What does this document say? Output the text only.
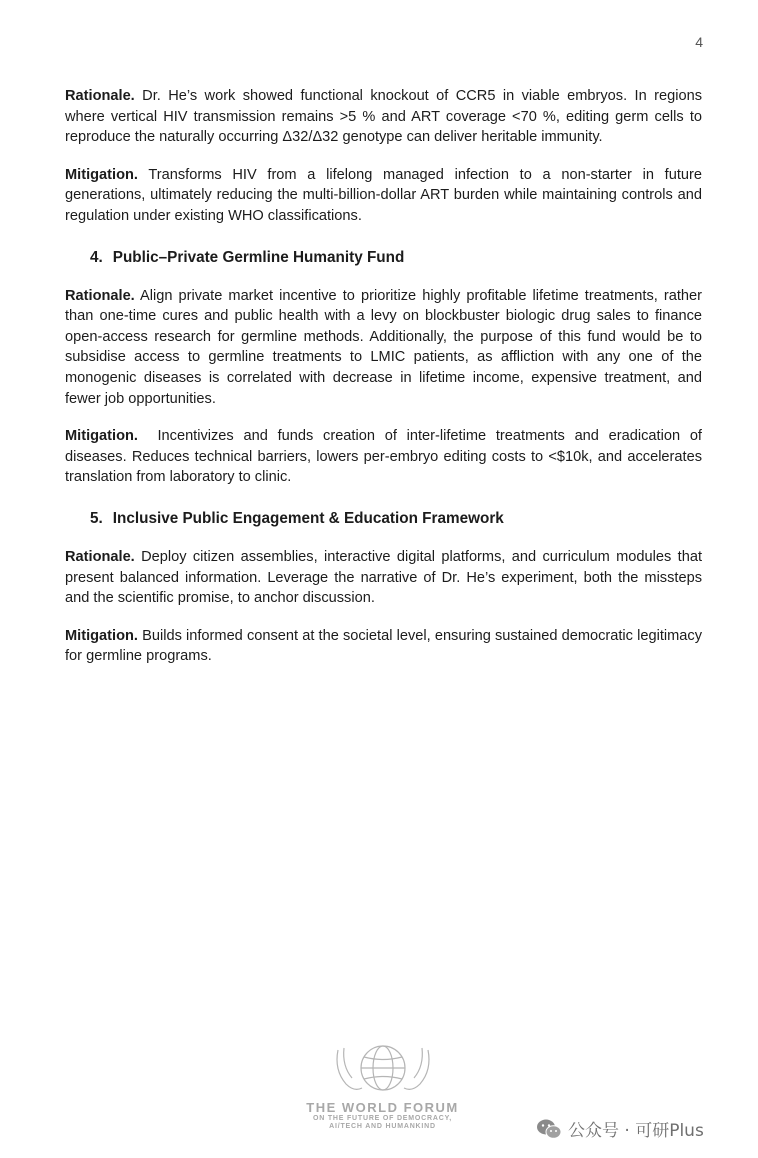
4

Rationale. Dr. He’s work showed functional knockout of CCR5 in viable embryos. In regions where vertical HIV transmission remains >5 % and ART coverage <70 %, editing germ cells to reproduce the naturally occurring Δ32/Δ32 genotype can deliver heritable immunity.

Mitigation. Transforms HIV from a lifelong managed infection to a non-starter in future generations, ultimately reducing the multi-billion-dollar ART burden while maintaining controls and regulation under existing WHO classifications.

4. Public–Private Germline Humanity Fund

Rationale. Align private market incentive to prioritize highly profitable lifetime treatments, rather than one-time cures and public health with a levy on blockbuster biologic drug sales to finance open-access research for germline methods. Additionally, the purpose of this fund would be to subsidise access to germline treatments to LMIC patients, as affliction with any one of the monogenic diseases is correlated with decrease in lifetime income, expensive treatment, and fewer job opportunities.

Mitigation.  Incentivizes and funds creation of inter-lifetime treatments and eradication of diseases. Reduces technical barriers, lowers per-embryo editing costs to <$10k, and accelerates translation from laboratory to clinic.

5. Inclusive Public Engagement & Education Framework

Rationale. Deploy citizen assemblies, interactive digital platforms, and curriculum modules that present balanced information. Leverage the narrative of Dr. He’s experiment, both the missteps and the scientific promise, to anchor discussion.

Mitigation. Builds informed consent at the societal level, ensuring sustained democratic legitimacy for germline programs.

THE WORLD FORUM
ON THE FUTURE OF DEMOCRACY,
AI/TECH AND HUMANKIND	公众号 · 可研Plus
